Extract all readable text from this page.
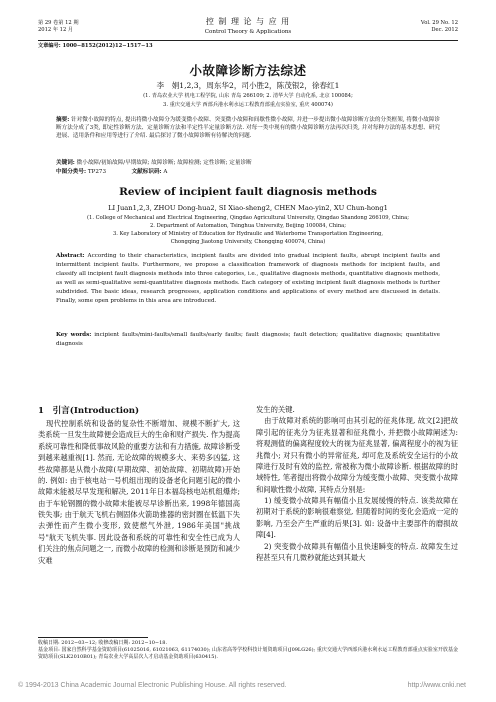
第 29 卷第 12 期
2012 年 12 月
控 制 理 论 与 应 用
Control Theory & Applications
Vol. 29 No. 12
Dec. 2012
文章编号: 1000−8152(2012)12−1517−13
小故障诊断方法综述
李　娟1,2,3，周东华2，司小胜2，陈茂银2，徐春红1
(1. 青岛农业大学 机电工程学院, 山东 青岛 266109; 2. 清华大学 自动化系, 北京 100084;
3. 重庆交通大学 西部兵港水利水运工程教育部重点实验室, 重庆 400074)
摘要: 针对微小故障的特点, 提出将微小故障分为缓变微小故障、突变微小故障和间歇性微小故障, 并进一步提出微小故障诊断方法的分类框架, 将微小故障诊断方法分成了3类, 即定性诊断方法、定量诊断方法和半定性半定量诊断方法. 对每一类中现有的微小故障诊断方法再次归类, 并对每种方法的基本思想、研究进展、适用条件和应用等进行了介绍. 最后探讨了微小故障诊断有待解决的问题.
关键词: 微小故障/初始故障/早期故障; 故障诊断; 故障检测; 定性诊断; 定量诊断
中图分类号: TP273	文献标识码: A
Review of incipient fault diagnosis methods
LI Juan1,2,3, ZHOU Dong-hua2, SI Xiao-sheng2, CHEN Mao-yin2, XU Chun-hong1
(1. College of Mechanical and Electrical Engineering, Qingdao Agricultural University, Qingdao Shandong 266109, China;
2. Department of Automation, Tsinghua University, Beijing 100084, China;
3. Key Laboratory of Ministry of Education for Hydraulic and Waterborne Transportation Engineering,
Chongqing Jiaotong University, Chongqing 400074, China)
Abstract: According to their characteristics, incipient faults are divided into gradual incipient faults, abrupt incipient faults and intermittent incipient faults. Furthermore, we propose a classification framework of diagnosis methods for incipient faults, and classify all incipient fault diagnosis methods into three categories, i.e., qualitative diagnosis methods, quantitative diagnosis methods, as well as semi-qualitative semi-quantitative diagnosis methods. Each category of existing incipient fault diagnosis methods is further subdivided. The basic ideas, research progresses, application conditions and applications of every method are discussed in details. Finally, some open problems in this area are introduced.
Key words: incipient faults/mini-faults/small faults/early faults; fault diagnosis; fault detection; qualitative diagnosis; quantitative diagnosis
1　引言(Introduction)

现代控制系统和设备的复杂性不断增加、规模不断扩大, 这类系统一旦发生故障便会造成巨大的生命和财产损失. 作为提高系统可靠性和降低事故风险的重要方法和有力措施, 故障诊断受到越来越重视[1]. 然而, 无论故障的规模多大、来势多凶猛, 这些故障都是从微小故障(早期故障、初始故障、初期故障)开始的. 例如: 由于核电站一号机组出现的设备老化问题引起的微小故障未能被尽早发现和解决, 2011年日本福岛核电站机组爆炸; 由于车轮钢圈的微小故障未能被尽早诊断出来, 1998年德国高铁失事; 由于航天飞机右侧固体火箭助推器的密封圈在低温下失去弹性而产生微小变形, 致使燃气外泄, 1986年美国"挑战号"航天飞机失事. 因此设备和系统的可靠性和安全性已成为人们关注的焦点问题之一, 而微小故障的检测和诊断是预防和减少灾难

发生的关键.

由于故障对系统的影响可由其引起的征兆体现, 故文[2]把故障引起的征兆分为征兆显著和征兆微小, 并把微小故障阐述为: 将观测值的偏离程度较大的视为征兆显著, 偏离程度小的视为征兆微小; 对只有微小的异常征兆, 却可危及系统安全运行的小故障进行及时有效的监控, 常被称为微小故障诊断. 根据故障的时域特性, 笔者提出将微小故障分为缓变微小故障、突变微小故障和间歇性微小故障, 其特点分别是:

1) 缓变微小故障具有幅值小且发展缓慢的特点. 该类故障在初期对于系统的影响很难察觉, 但随着时间的变化会造成一定的影响, 乃至会产生严重的后果[3]. 如: 设备中主要部件的磨损故障[4].

2) 突变微小故障具有幅值小且快速瞬变的特点. 故障发生过程甚至只有几微秒就能达到其最大

收稿日期: 2012−03−12; 收修改稿日期: 2012−10−18.

基金项目: 国家自然科学基金资助项目(61025016, 61021063, 61174030); 山东省高等学校科技计划资助项目(J09LG26); 重庆交通大学西部兵港水利水运工程教育部重点实验室开放基金资助项目(SLK2010B01); 青岛农业大学高层次人才启动基金资助项目(630415).

© 1994-2013 China Academic Journal Electronic Publishing House. All rights reserved.	http://www.cnki.net
